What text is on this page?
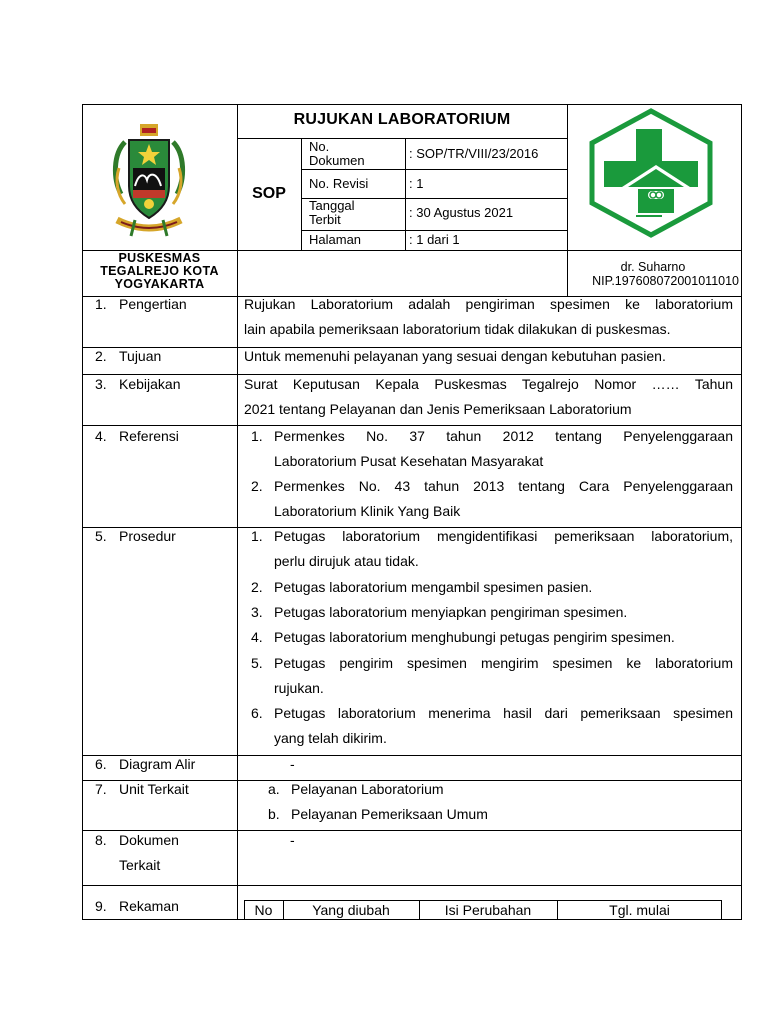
PUSKESMAS
TEGALREJO KOTA
YOGYAKARTA
RUJUKAN LABORATORIUM
SOP
No.
Dokumen	: SOP/TR/VIII/23/2016
No. Revisi	: 1
Tanggal
Terbit	: 30 Agustus 2021
Halaman	: 1 dari 1
dr. Suharno
NIP.197608072001011010
1. Pengertian	Rujukan Laboratorium adalah pengiriman spesimen ke laboratorium
lain apabila pemeriksaan laboratorium tidak dilakukan di puskesmas.
2. Tujuan	Untuk memenuhi pelayanan yang sesuai dengan kebutuhan pasien.
3. Kebijakan	Surat Keputusan Kepala Puskesmas Tegalrejo Nomor …… Tahun
2021 tentang Pelayanan dan Jenis Pemeriksaan Laboratorium
4. Referensi	1. Permenkes No. 37 tahun 2012 tentang Penyelenggaraan
Laboratorium Pusat Kesehatan Masyarakat
2. Permenkes No. 43 tahun 2013 tentang Cara Penyelenggaraan
Laboratorium Klinik Yang Baik
5. Prosedur	1. Petugas laboratorium mengidentifikasi pemeriksaan laboratorium,
perlu dirujuk atau tidak.
2. Petugas laboratorium mengambil spesimen pasien.
3. Petugas laboratorium menyiapkan pengiriman spesimen.
4. Petugas laboratorium menghubungi petugas pengirim spesimen.
5. Petugas pengirim spesimen mengirim spesimen ke laboratorium
rujukan.
6. Petugas laboratorium menerima hasil dari pemeriksaan spesimen
yang telah dikirim.
6. Diagram Alir	-
7. Unit Terkait	a. Pelayanan Laboratorium
b. Pelayanan Pemeriksaan Umum
8. Dokumen
Terkait
-
9. Rekaman	No	Yang diubah	Isi Perubahan	Tgl. mulai
